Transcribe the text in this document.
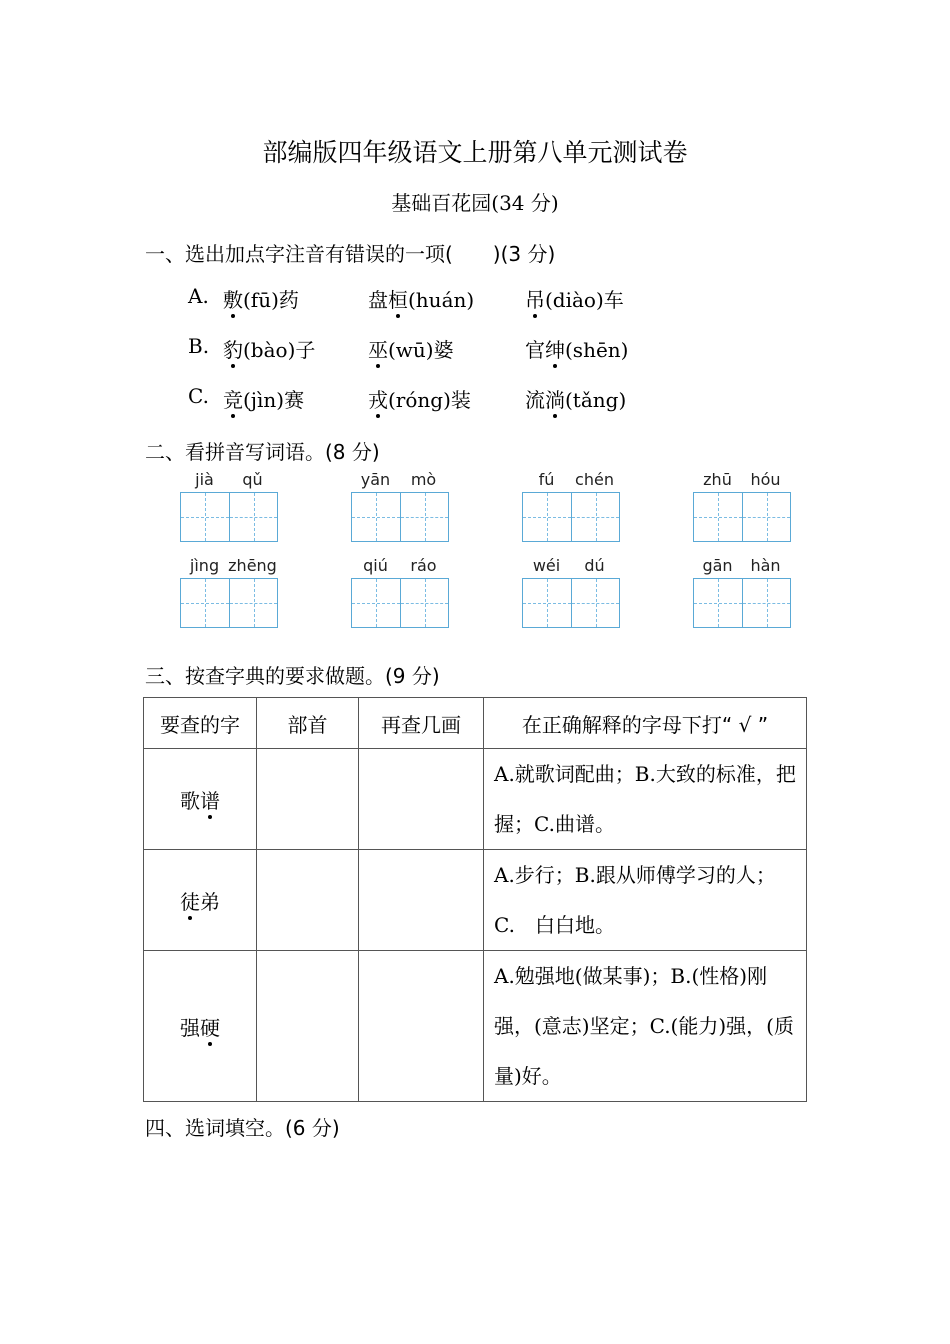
部编版四年级语文上册第八单元测试卷
基础百花园(34 分)
一、选出加点字注音有错误的一项(　　)(3 分)
A. 敷(fū)药	盘桓(huán)	吊(diào)车
B. 豹(bào)子	巫(wū)婆	官绅(shēn)
C. 竞(jìn)赛	戎(róng)装	流淌(tǎng)
二、看拼音写词语。(8 分)
jià	qǔ	yān	mò	fú	chén	zhū	hóu
jìng zhēng	qiú	ráo	wéi	dú	gān	hàn
三、按查字典的要求做题。(9 分)
要查的字	部首	再查几画	在正确解释的字母下打“ √ ”
歌谱			A.就歌词配曲；B.大致的标准，把握；C.曲谱。
徒弟			A.步行；B.跟从师傅学习的人；C.　白白地。
强硬			A.勉强地(做某事)；B.(性格)刚强，(意志)坚定；C.(能力)强，(质量)好。
四、选词填空。(6 分)
